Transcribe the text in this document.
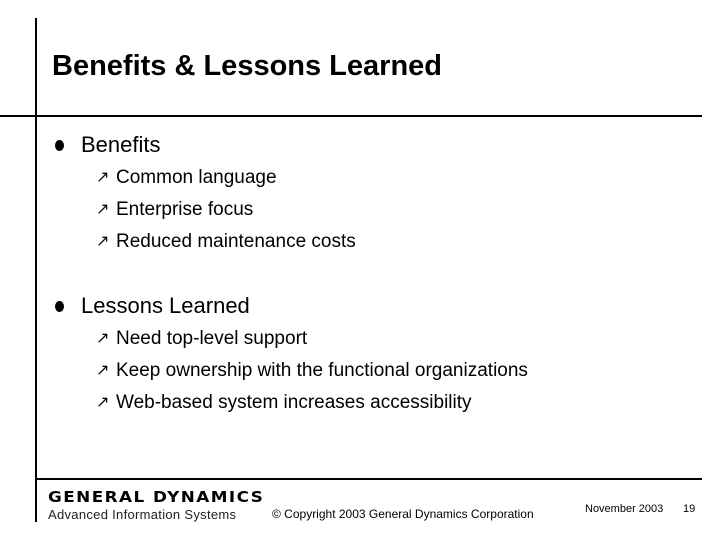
Benefits & Lessons Learned
Benefits
↗ Common language
↗ Enterprise focus
↗ Reduced maintenance costs
Lessons Learned
↗ Need top-level support
↗ Keep ownership with the functional organizations
↗ Web-based system increases accessibility
GENERAL DYNAMICS
Advanced Information Systems	© Copyright 2003 General Dynamics Corporation	November 2003 19
